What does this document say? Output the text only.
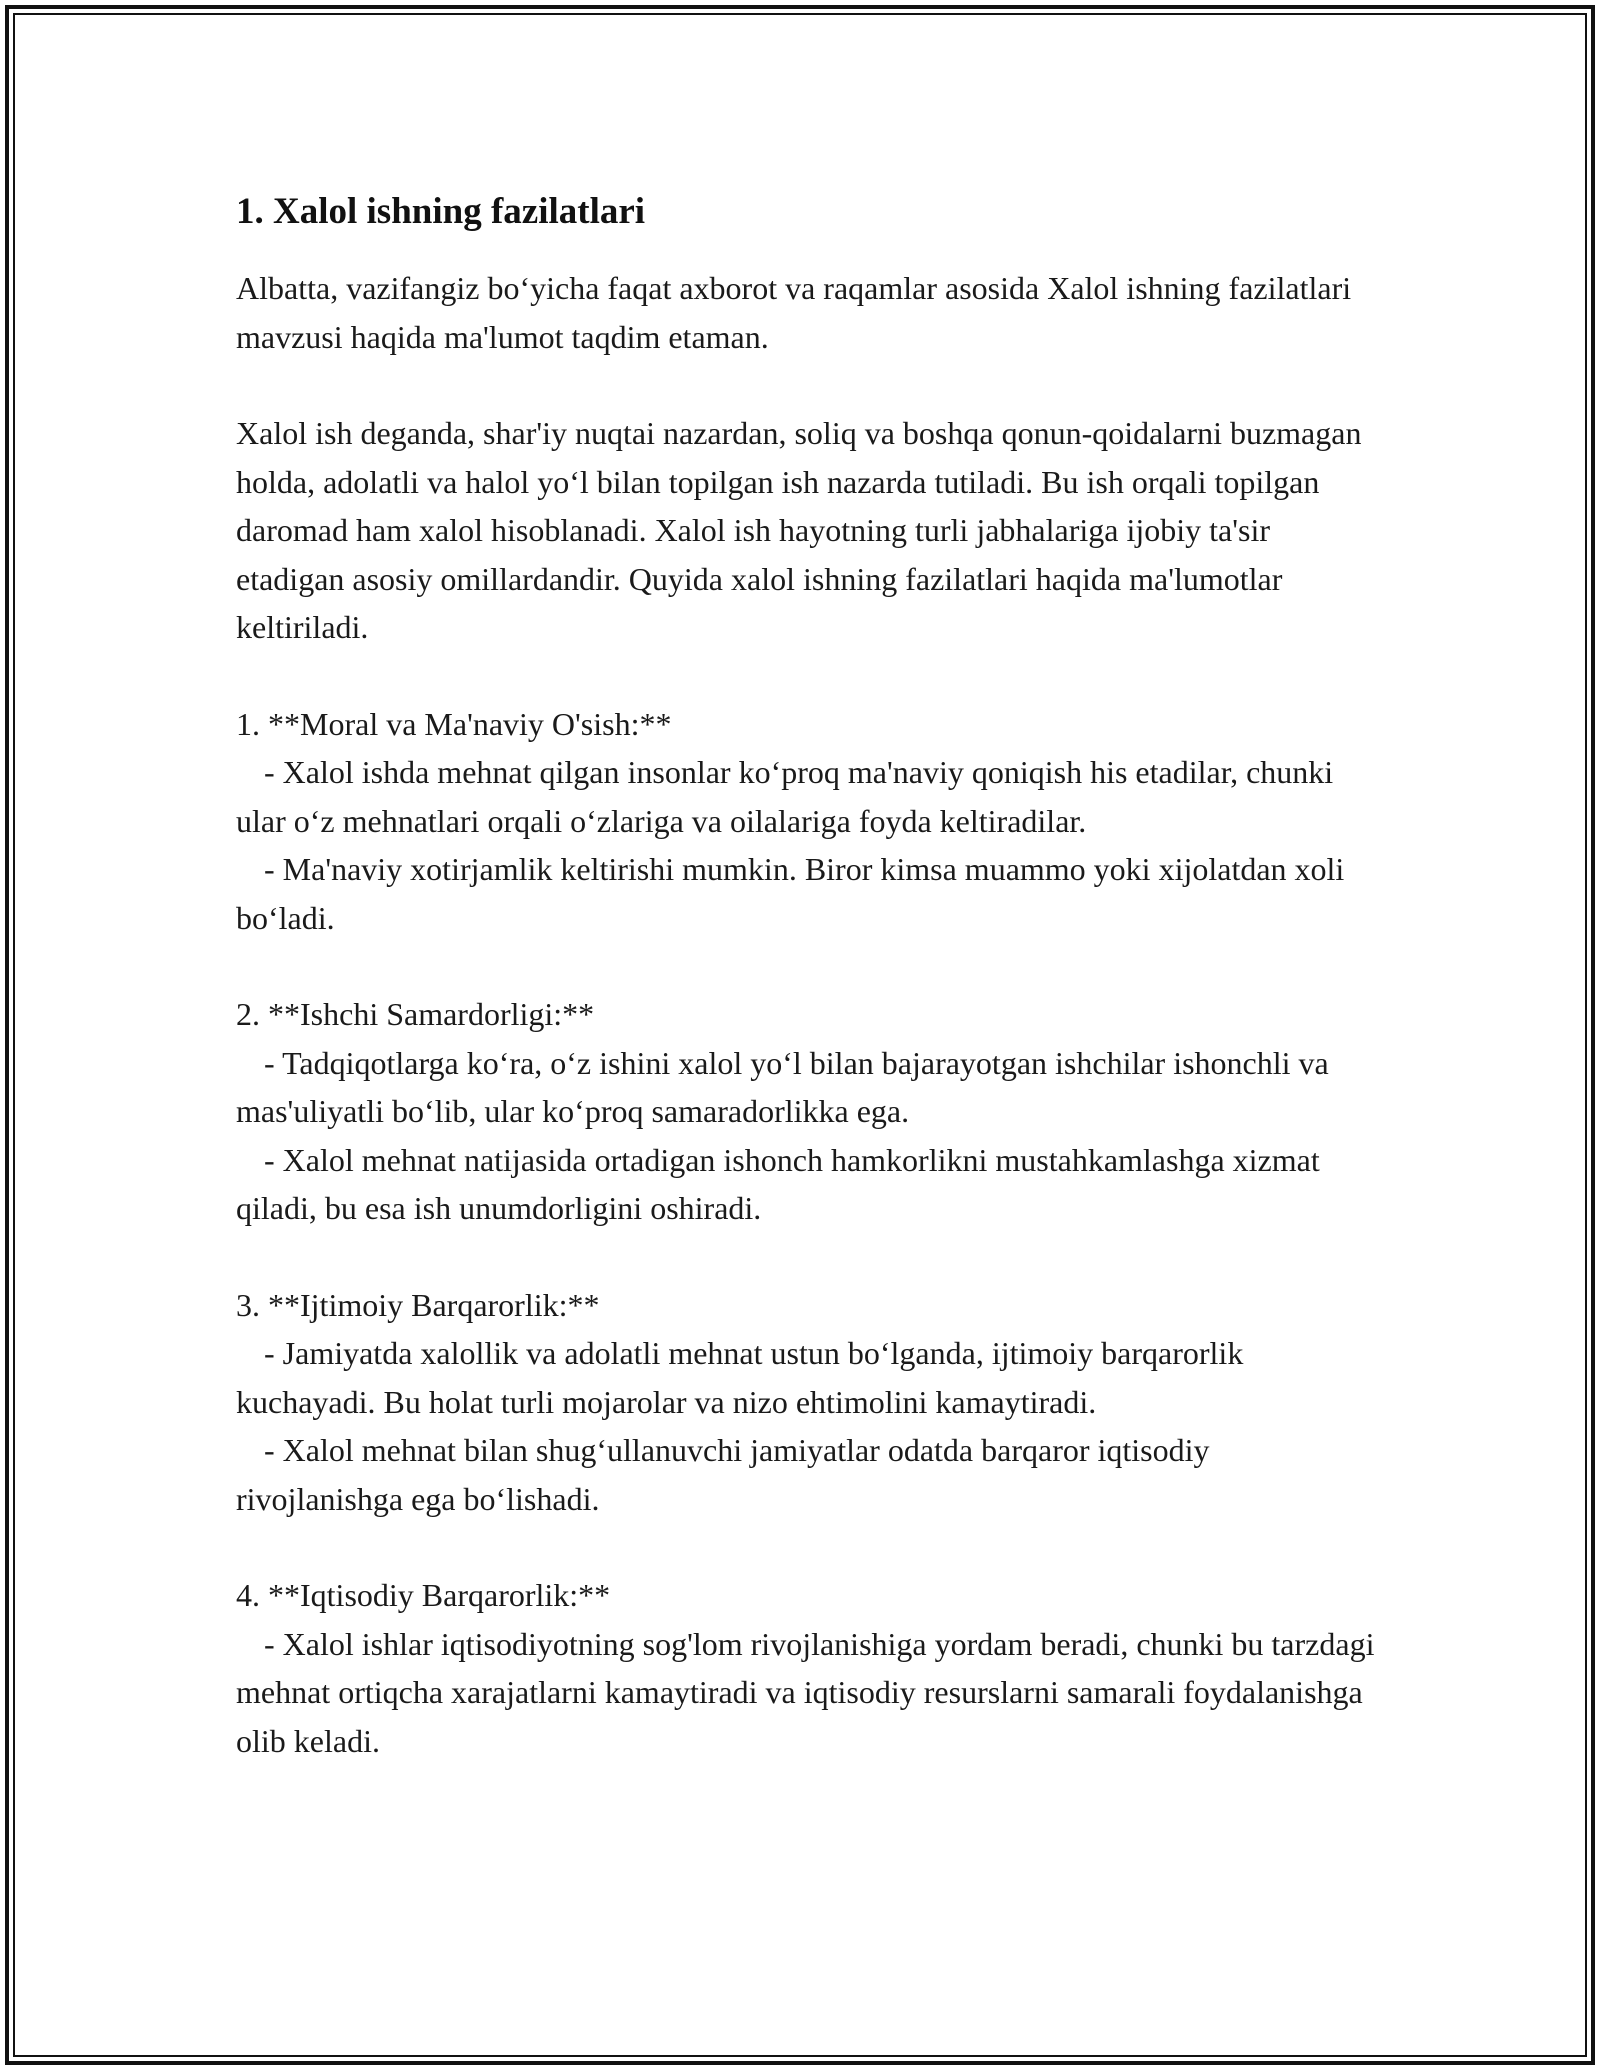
1. Xalol ishning fazilatlari

Albatta, vazifangiz bo‘yicha faqat axborot va raqamlar asosida Xalol ishning fazilatlari mavzusi haqida ma'lumot taqdim etaman.

Xalol ish deganda, shar'iy nuqtai nazardan, soliq va boshqa qonun-qoidalarni buzmagan holda, adolatli va halol yo‘l bilan topilgan ish nazarda tutiladi. Bu ish orqali topilgan daromad ham xalol hisoblanadi. Xalol ish hayotning turli jabhalariga ijobiy ta'sir etadigan asosiy omillardandir. Quyida xalol ishning fazilatlari haqida ma'lumotlar keltiriladi.

1. **Moral va Ma'naviy O'sish:**
- Xalol ishda mehnat qilgan insonlar ko‘proq ma'naviy qoniqish his etadilar, chunki ular o‘z mehnatlari orqali o‘zlariga va oilalariga foyda keltiradilar.
- Ma'naviy xotirjamlik keltirishi mumkin. Biror kimsa muammo yoki xijolatdan xoli bo‘ladi.
2. **Ishchi Samardorligi:**
- Tadqiqotlarga ko‘ra, o‘z ishini xalol yo‘l bilan bajarayotgan ishchilar ishonchli va mas'uliyatli bo‘lib, ular ko‘proq samaradorlikka ega.
- Xalol mehnat natijasida ortadigan ishonch hamkorlikni mustahkamlashga xizmat qiladi, bu esa ish unumdorligini oshiradi.
3. **Ijtimoiy Barqarorlik:**
- Jamiyatda xalollik va adolatli mehnat ustun bo‘lganda, ijtimoiy barqarorlik kuchayadi. Bu holat turli mojarolar va nizo ehtimolini kamaytiradi.
- Xalol mehnat bilan shug‘ullanuvchi jamiyatlar odatda barqaror iqtisodiy rivojlanishga ega bo‘lishadi.
4. **Iqtisodiy Barqarorlik:**
- Xalol ishlar iqtisodiyotning sog'lom rivojlanishiga yordam beradi, chunki bu tarzdagi mehnat ortiqcha xarajatlarni kamaytiradi va iqtisodiy resurslarni samarali foydalanishga olib keladi.
